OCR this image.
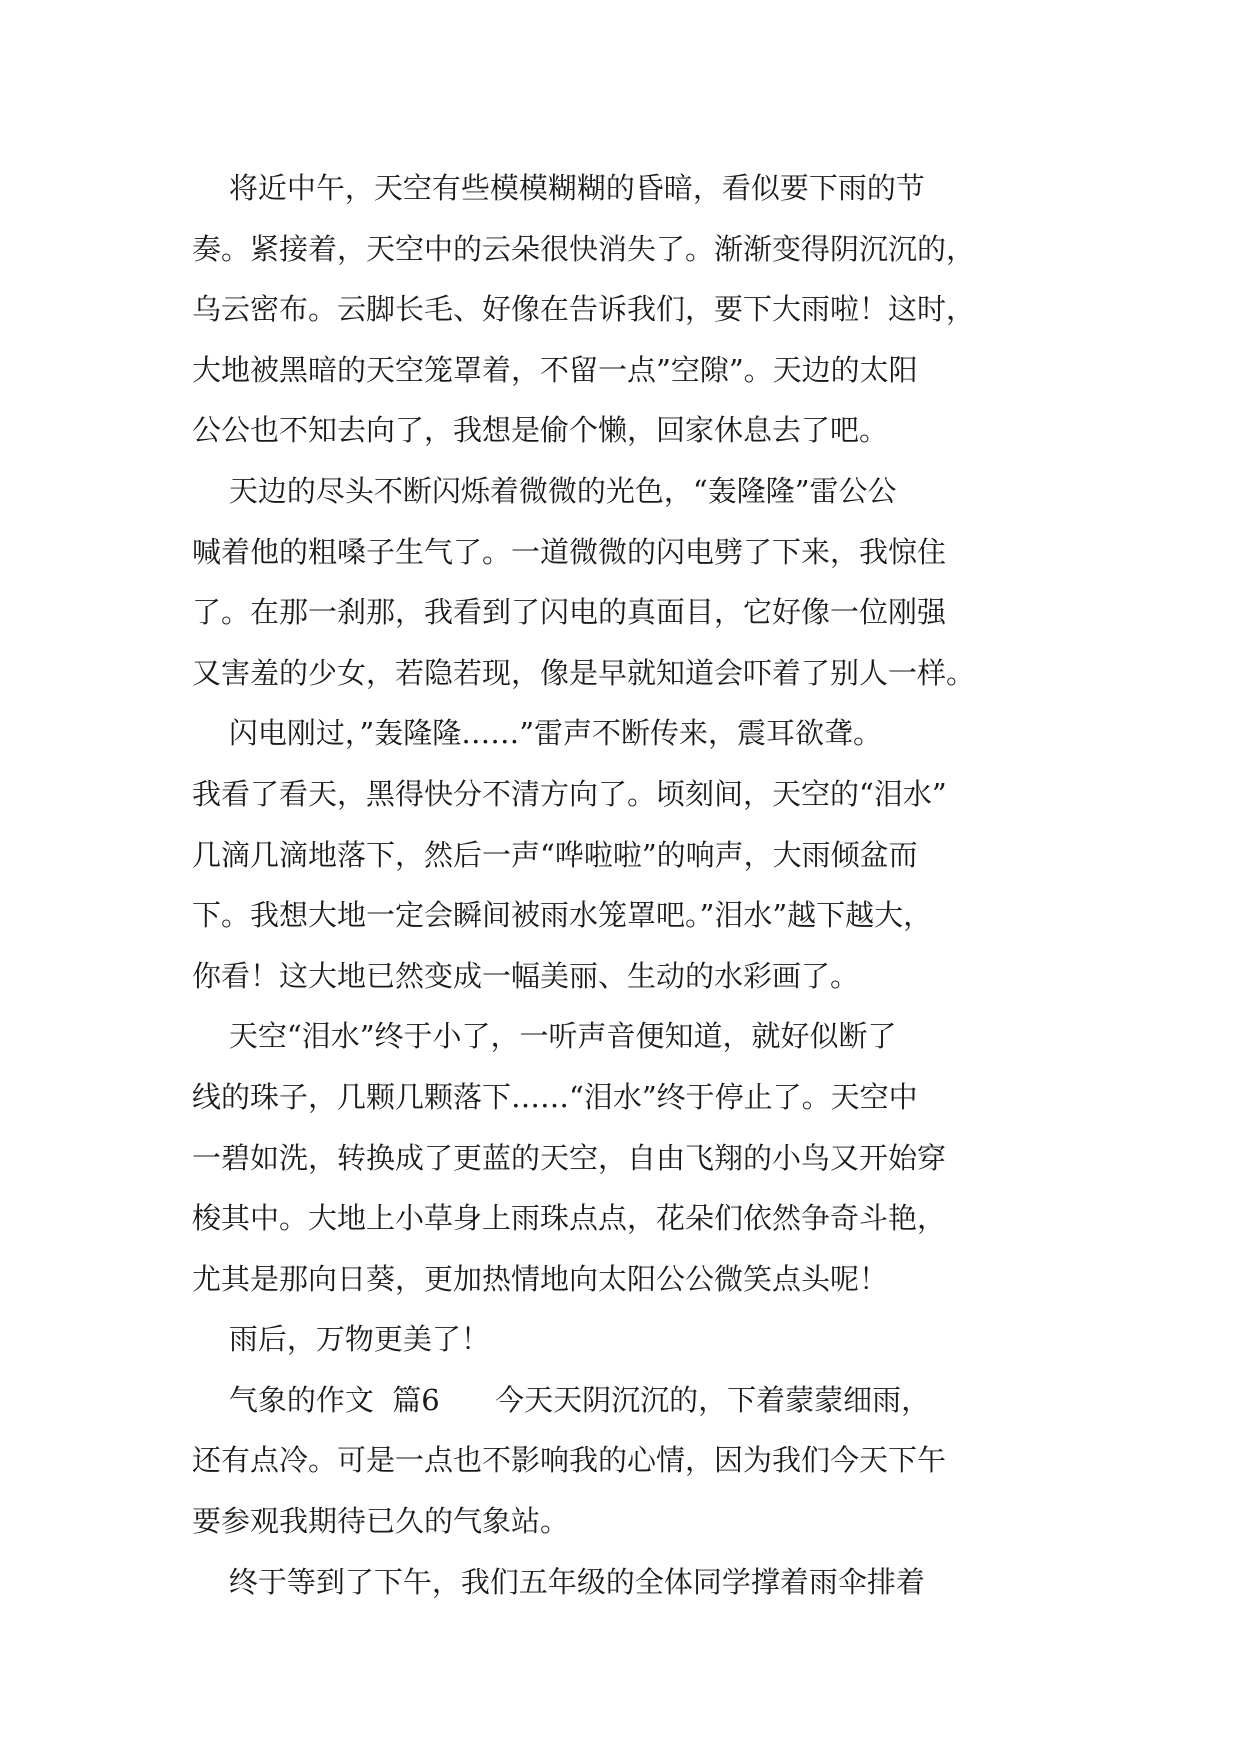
将近中午，天空有些模模糊糊的昏暗，看似要下雨的节
奏。紧接着，天空中的云朵很快消失了。渐渐变得阴沉沉的，
乌云密布。云脚长毛、好像在告诉我们，要下大雨啦！这时，
大地被黑暗的天空笼罩着，不留一点”空隙”。天边的太阳
公公也不知去向了，我想是偷个懒，回家休息去了吧。
天边的尽头不断闪烁着微微的光色，“轰隆隆”雷公公
喊着他的粗嗓子生气了。一道微微的闪电劈了下来，我惊住
了。在那一刹那，我看到了闪电的真面目，它好像一位刚强
又害羞的少女，若隐若现，像是早就知道会吓着了别人一样。
闪电刚过，”轰隆隆……”雷声不断传来，震耳欲聋。
我看了看天，黑得快分不清方向了。顷刻间，天空的“泪水”
几滴几滴地落下，然后一声“哗啦啦”的响声，大雨倾盆而
下。我想大地一定会瞬间被雨水笼罩吧。”泪水”越下越大，
你看！这大地已然变成一幅美丽、生动的水彩画了。
天空“泪水”终于小了，一听声音便知道，就好似断了
线的珠子，几颗几颗落下……“泪水”终于停止了。天空中
一碧如洗，转换成了更蓝的天空，自由飞翔的小鸟又开始穿
梭其中。大地上小草身上雨珠点点，花朵们依然争奇斗艳，
尤其是那向日葵，更加热情地向太阳公公微笑点头呢！
雨后，万物更美了！
气象的作文  篇6      今天天阴沉沉的，下着蒙蒙细雨，
还有点冷。可是一点也不影响我的心情，因为我们今天下午
要参观我期待已久的气象站。
终于等到了下午，我们五年级的全体同学撑着雨伞排着
